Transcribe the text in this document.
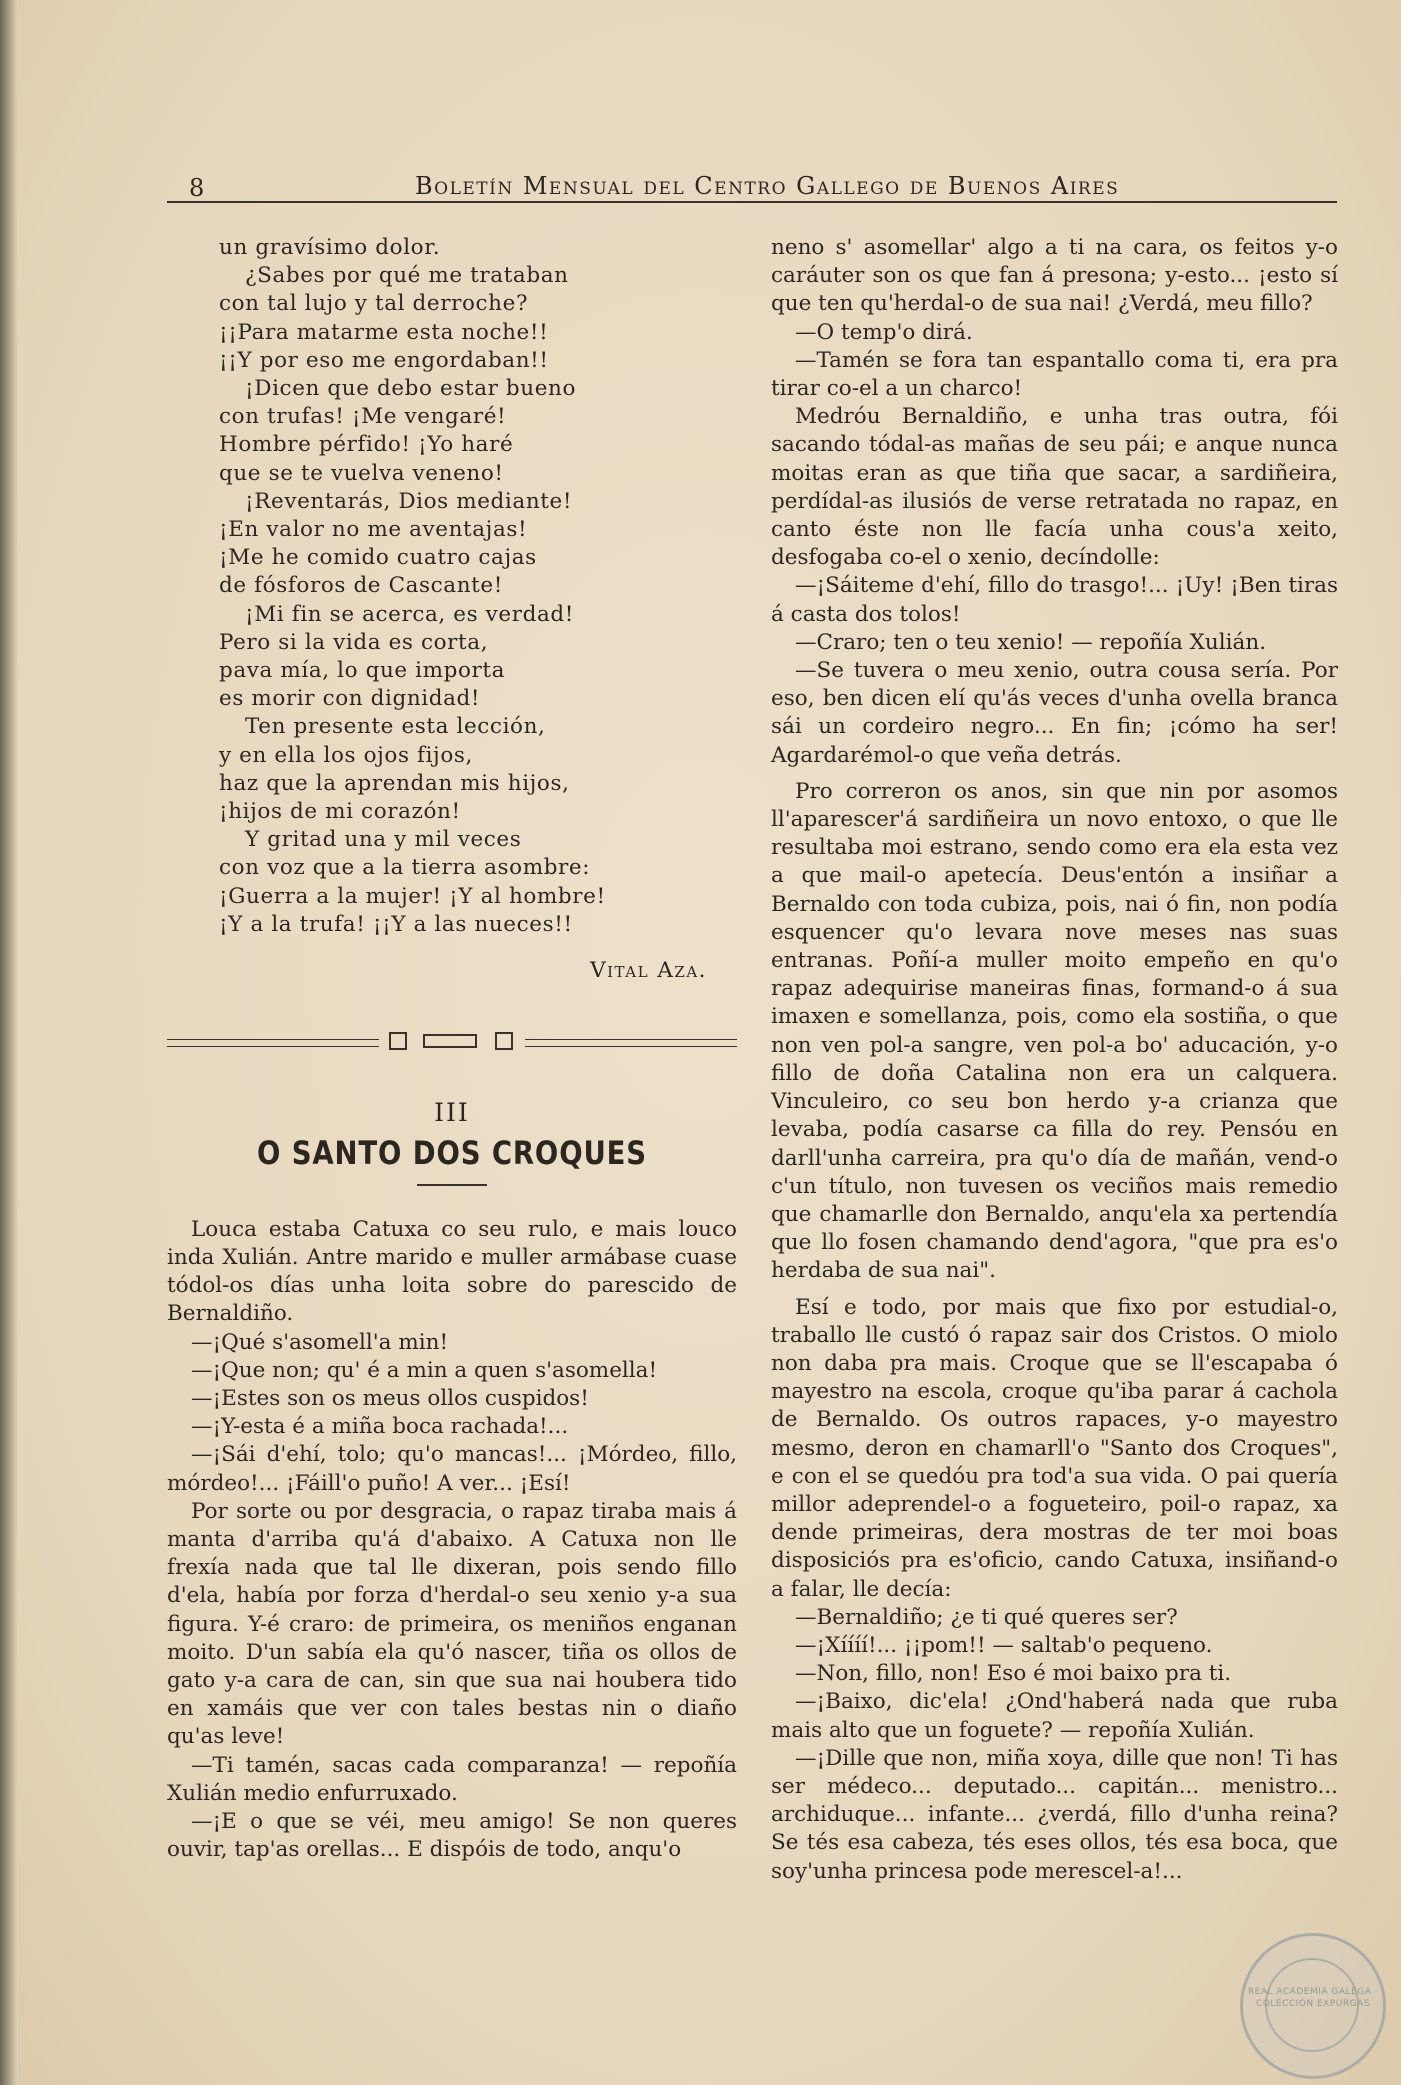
8	Boletín Mensual del Centro Gallego de Buenos Aires
un gravísimo dolor.
¿Sabes por qué me trataban
con tal lujo y tal derroche?
¡¡Para matarme esta noche!!
¡¡Y por eso me engordaban!!
¡Dicen que debo estar bueno
con trufas! ¡Me vengaré!
Hombre pérfido! ¡Yo haré
que se te vuelva veneno!
¡Reventarás, Dios mediante!
¡En valor no me aventajas!
¡Me he comido cuatro cajas
de fósforos de Cascante!
¡Mi fin se acerca, es verdad!
Pero si la vida es corta,
pava mía, lo que importa
es morir con dignidad!
Ten presente esta lección,
y en ella los ojos fijos,
haz que la aprendan mis hijos,
¡hijos de mi corazón!
Y gritad una y mil veces
con voz que a la tierra asombre:
¡Guerra a la mujer! ¡Y al hombre!
¡Y a la trufa! ¡¡Y a las nueces!!
Vital Aza.
III
O SANTO DOS CROQUES

Louca estaba Catuxa co seu rulo, e mais louco inda Xulián. Antre marido e muller armábase cuase tódol-os días unha loita sobre do parescido de Bernaldiño.

—¡Qué s'asomell'a min!

—¡Que non; qu' é a min a quen s'asomella!

—¡Estes son os meus ollos cuspidos!

—¡Y-esta é a miña boca rachada!...

—¡Sái d'ehí, tolo; qu'o mancas!... ¡Mórdeo, fillo, mórdeo!... ¡Fáill'o puño! A ver... ¡Esí!

Por sorte ou por desgracia, o rapaz tiraba mais á manta d'arriba qu'á d'abaixo. A Catuxa non lle frexía nada que tal lle dixeran, pois sendo fillo d'ela, había por forza d'herdal-o seu xenio y-a sua figura. Y-é craro: de primeira, os meniños enganan moito. D'un sabía ela qu'ó nascer, tiña os ollos de gato y-a cara de can, sin que sua nai houbera tido en xamáis que ver con tales bestas nin o diaño qu'as leve!

—Ti tamén, sacas cada comparanza! — repoñía Xulián medio enfurruxado.

—¡E o que se véi, meu amigo! Se non queres ouvir, tap'as orellas... E dispóis de todo, anqu'o

neno s' asomellar' algo a ti na cara, os feitos y-o caráuter son os que fan á presona; y-esto... ¡esto sí que ten qu'herdal-o de sua nai! ¿Verdá, meu fillo?

—O temp'o dirá.

—Tamén se fora tan espantallo coma ti, era pra tirar co-el a un charco!

Medróu Bernaldiño, e unha tras outra, fói sacando tódal-as mañas de seu pái; e anque nunca moitas eran as que tiña que sacar, a sardiñeira, perdídal-as ilusiós de verse retratada no rapaz, en canto éste non lle facía unha cous'a xeito, desfogaba co-el o xenio, decíndolle:

—¡Sáiteme d'ehí, fillo do trasgo!... ¡Uy! ¡Ben tiras á casta dos tolos!

—Craro; ten o teu xenio! — repoñía Xulián.

—Se tuvera o meu xenio, outra cousa sería. Por eso, ben dicen elí qu'ás veces d'unha ovella branca sái un cordeiro negro... En fin; ¡cómo ha ser! Agardarémol-o que veña detrás.

Pro correron os anos, sin que nin por asomos ll'aparescer'á sardiñeira un novo entoxo, o que lle resultaba moi estrano, sendo como era ela esta vez a que mail-o apetecía. Deus'entón a insiñar a Bernaldo con toda cubiza, pois, nai ó fin, non podía esquencer qu'o levara nove meses nas suas entranas. Poñí-a muller moito empeño en qu'o rapaz adequirise maneiras finas, formand-o á sua imaxen e somellanza, pois, como ela sostiña, o que non ven pol-a sangre, ven pol-a bo' aducación, y-o fillo de doña Catalina non era un calquera. Vinculeiro, co seu bon herdo y-a crianza que levaba, podía casarse ca filla do rey. Pensóu en darll'unha carreira, pra qu'o día de mañán, vend-o c'un título, non tuvesen os veciños mais remedio que chamarlle don Bernaldo, anqu'ela xa pertendía que llo fosen chamando dend'agora, "que pra es'o herdaba de sua nai".

Esí e todo, por mais que fixo por estudial-o, traballo lle custó ó rapaz sair dos Cristos. O miolo non daba pra mais. Croque que se ll'escapaba ó mayestro na escola, croque qu'iba parar á cachola de Bernaldo. Os outros rapaces, y-o mayestro mesmo, deron en chamarll'o "Santo dos Croques", e con el se quedóu pra tod'a sua vida. O pai quería millor adeprendel-o a fogueteiro, poil-o rapaz, xa dende primeiras, dera mostras de ter moi boas disposiciós pra es'oficio, cando Catuxa, insiñand-o a falar, lle decía:

—Bernaldiño; ¿e ti qué queres ser?

—¡Xíííí!... ¡¡pom!! — saltab'o pequeno.

—Non, fillo, non! Eso é moi baixo pra ti.

—¡Baixo, dic'ela! ¿Ond'haberá nada que ruba mais alto que un foguete? — repoñía Xulián.

—¡Dille que non, miña xoya, dille que non! Ti has ser médeco... deputado... capitán... menistro... archiduque... infante... ¿verdá, fillo d'unha reina? Se tés esa cabeza, tés eses ollos, tés esa boca, que soy'unha princesa pode merescel-a!...

REAL ACADEMIA GALEGA · COLECCIÓN EXPURGAS
